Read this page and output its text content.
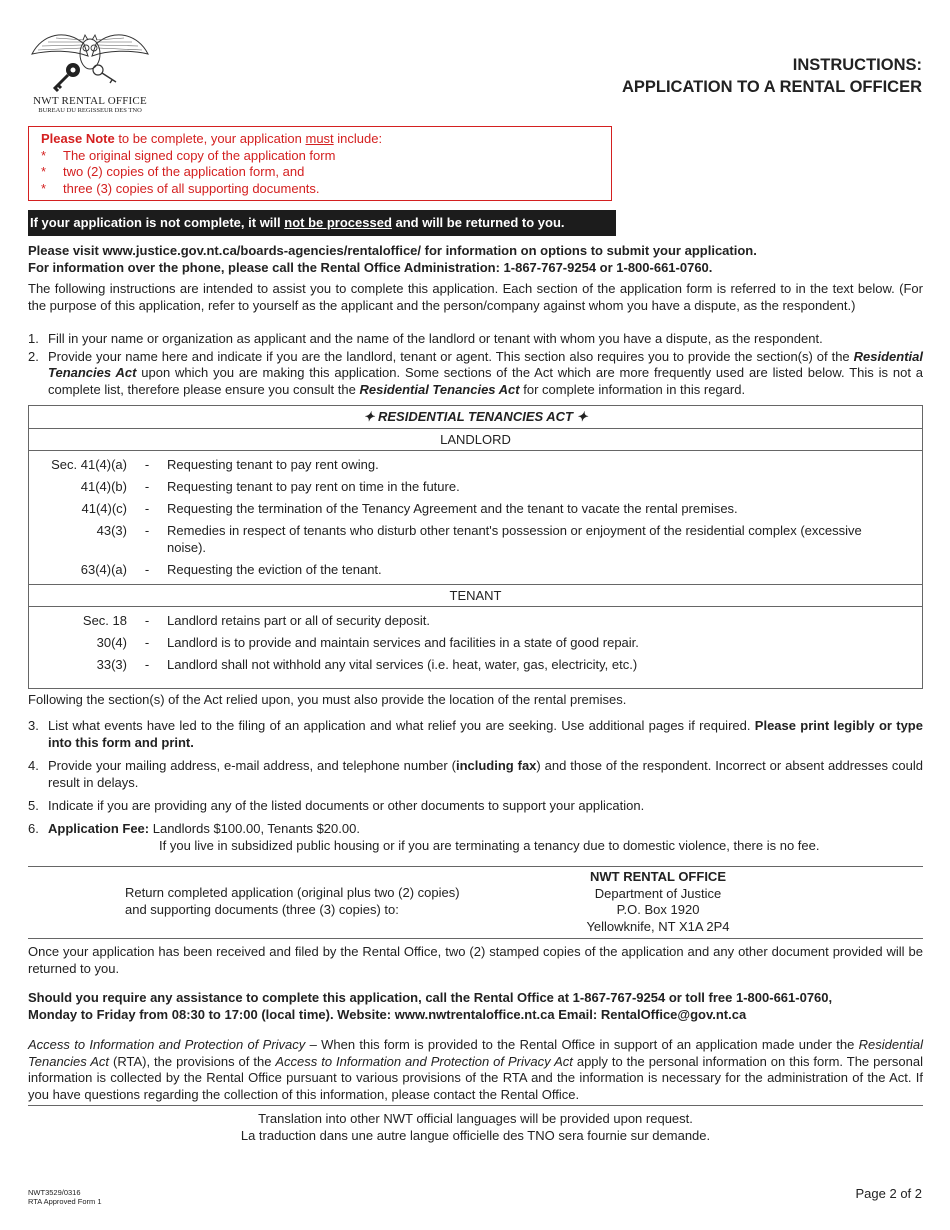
NWT RENTAL OFFICE
BUREAU DU REGISSEUR DES TNO
INSTRUCTIONS:
APPLICATION TO A RENTAL OFFICER
Please Note to be complete, your application must include:
*	The original signed copy of the application form
*	two (2) copies of the application form, and
*	three (3) copies of all supporting documents.
If your application is not complete, it will not be processed and will be returned to you.
Please visit www.justice.gov.nt.ca/boards-agencies/rentaloffice/ for information on options to submit your application.
For information over the phone, please call the Rental Office Administration: 1-867-767-9254 or 1-800-661-0760.
The following instructions are intended to assist you to complete this application. Each section of the application form is referred to in the text below. (For the purpose of this application, refer to yourself as the applicant and the person/company against whom you have a dispute, as the respondent.)
1. Fill in your name or organization as applicant and the name of the landlord or tenant with whom you have a dispute, as the respondent.
2. Provide your name here and indicate if you are the landlord, tenant or agent. This section also requires you to provide the section(s) of the Residential Tenancies Act upon which you are making this application. Some sections of the Act which are more frequently used are listed below. This is not a complete list, therefore please ensure you consult the Residential Tenancies Act for complete information in this regard.
✦ RESIDENTIAL TENANCIES ACT ✦
LANDLORD
Sec. 41(4)(a)	-	Requesting tenant to pay rent owing.
41(4)(b)	-	Requesting tenant to pay rent on time in the future.
41(4)(c)	-	Requesting the termination of the Tenancy Agreement and the tenant to vacate the rental premises.
43(3)	-	Remedies in respect of tenants who disturb other tenant's possession or enjoyment of the residential complex (excessive noise).
63(4)(a)	-	Requesting the eviction of the tenant.
TENANT
Sec. 18	-	Landlord retains part or all of security deposit.
30(4)	-	Landlord is to provide and maintain services and facilities in a state of good repair.
33(3)	-	Landlord shall not withhold any vital services (i.e. heat, water, gas, electricity, etc.)
Following the section(s) of the Act relied upon, you must also provide the location of the rental premises.
3. List what events have led to the filing of an application and what relief you are seeking. Use additional pages if required. Please print legibly or type into this form and print.
4. Provide your mailing address, e-mail address, and telephone number (including fax) and those of the respondent. Incorrect or absent addresses could result in delays.
5. Indicate if you are providing any of the listed documents or other documents to support your application.
6. Application Fee: Landlords $100.00, Tenants $20.00.
If you live in subsidized public housing or if you are terminating a tenancy due to domestic violence, there is no fee.
Return completed application (original plus two (2) copies)
and supporting documents (three (3) copies) to:
NWT RENTAL OFFICE
Department of Justice
P.O. Box 1920
Yellowknife, NT X1A 2P4
Once your application has been received and filed by the Rental Office, two (2) stamped copies of the application and any other document provided will be returned to you.
Should you require any assistance to complete this application, call the Rental Office at 1-867-767-9254 or toll free 1-800-661-0760,
Monday to Friday from 08:30 to 17:00 (local time). Website: www.nwtrentaloffice.nt.ca Email: RentalOffice@gov.nt.ca
Access to Information and Protection of Privacy – When this form is provided to the Rental Office in support of an application made under the Residential Tenancies Act (RTA), the provisions of the Access to Information and Protection of Privacy Act apply to the personal information on this form. The personal information is collected by the Rental Office pursuant to various provisions of the RTA and the information is necessary for the administration of the Act. If you have questions regarding the collection of this information, please contact the Rental Office.
Translation into other NWT official languages will be provided upon request.
La traduction dans une autre langue officielle des TNO sera fournie sur demande.
NWT3529/0316
RTA Approved Form 1
Page 2 of 2
